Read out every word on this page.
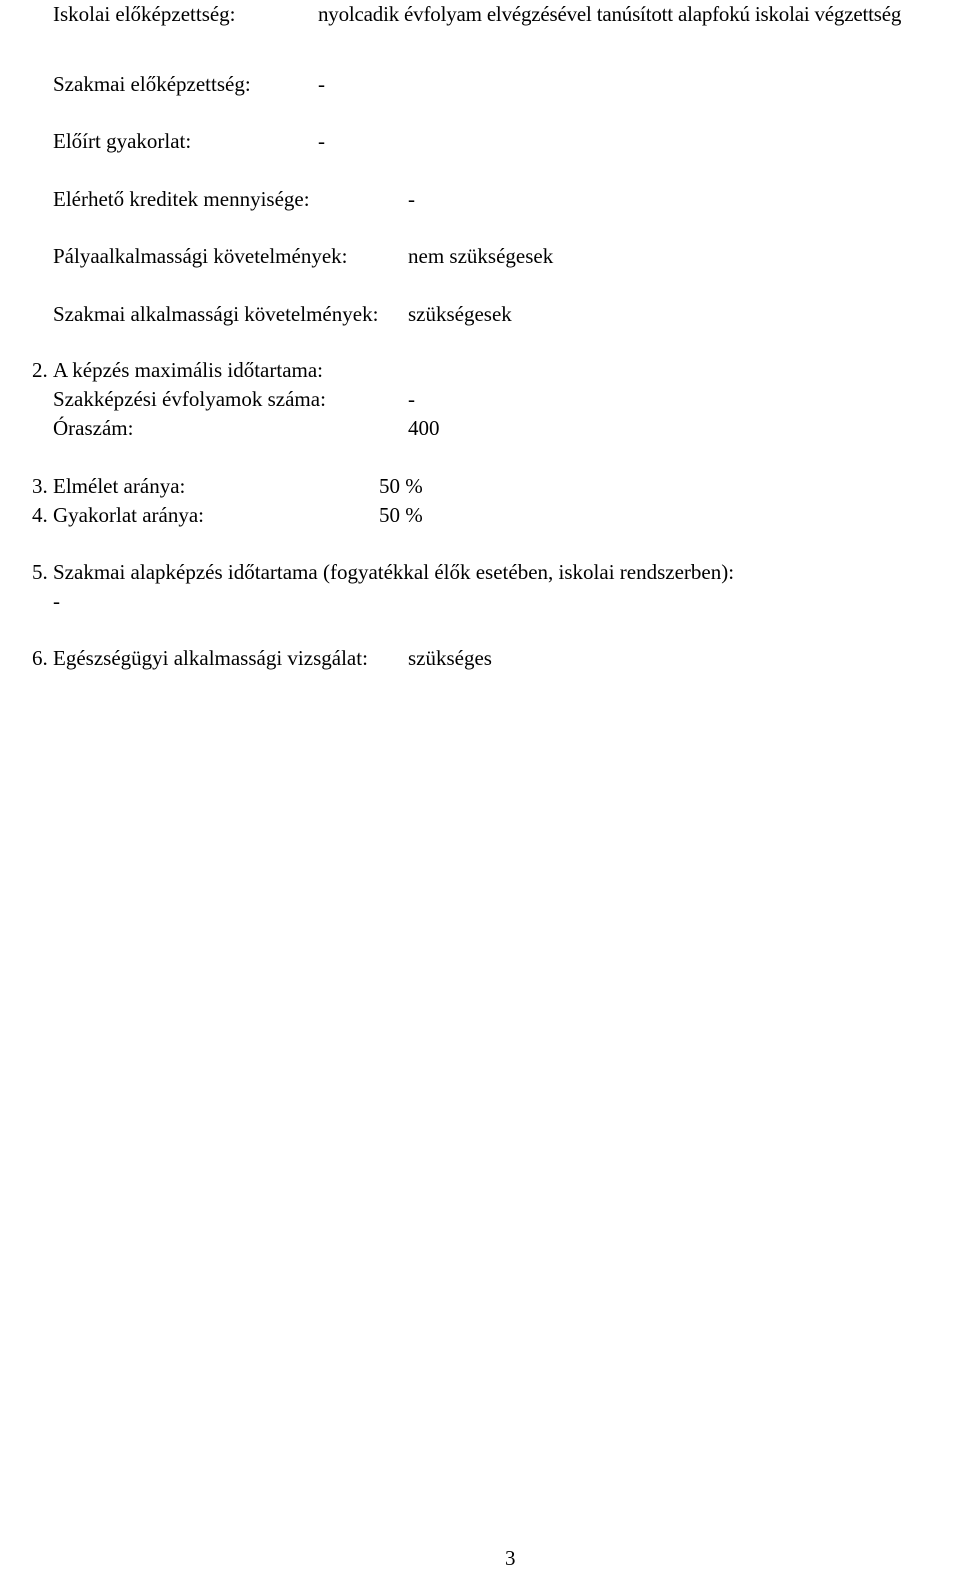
Iskolai előképzettség:	nyolcadik évfolyam elvégzésével tanúsított alapfokú iskolai végzettség
Szakmai előképzettség:	-
Előírt gyakorlat:	-
Elérhető kreditek mennyisége:	-
Pályaalkalmassági követelmények:	nem szükségesek
Szakmai alkalmassági követelmények: szükségesek
2. A képzés maximális időtartama:
Szakképzési évfolyamok száma:	-
Óraszám:	400
3. Elmélet aránya:	50 %
4. Gyakorlat aránya:	50 %
5. Szakmai alapképzés időtartama (fogyatékkal élők esetében, iskolai rendszerben):
-
6. Egészségügyi alkalmassági vizsgálat: szükséges
3
